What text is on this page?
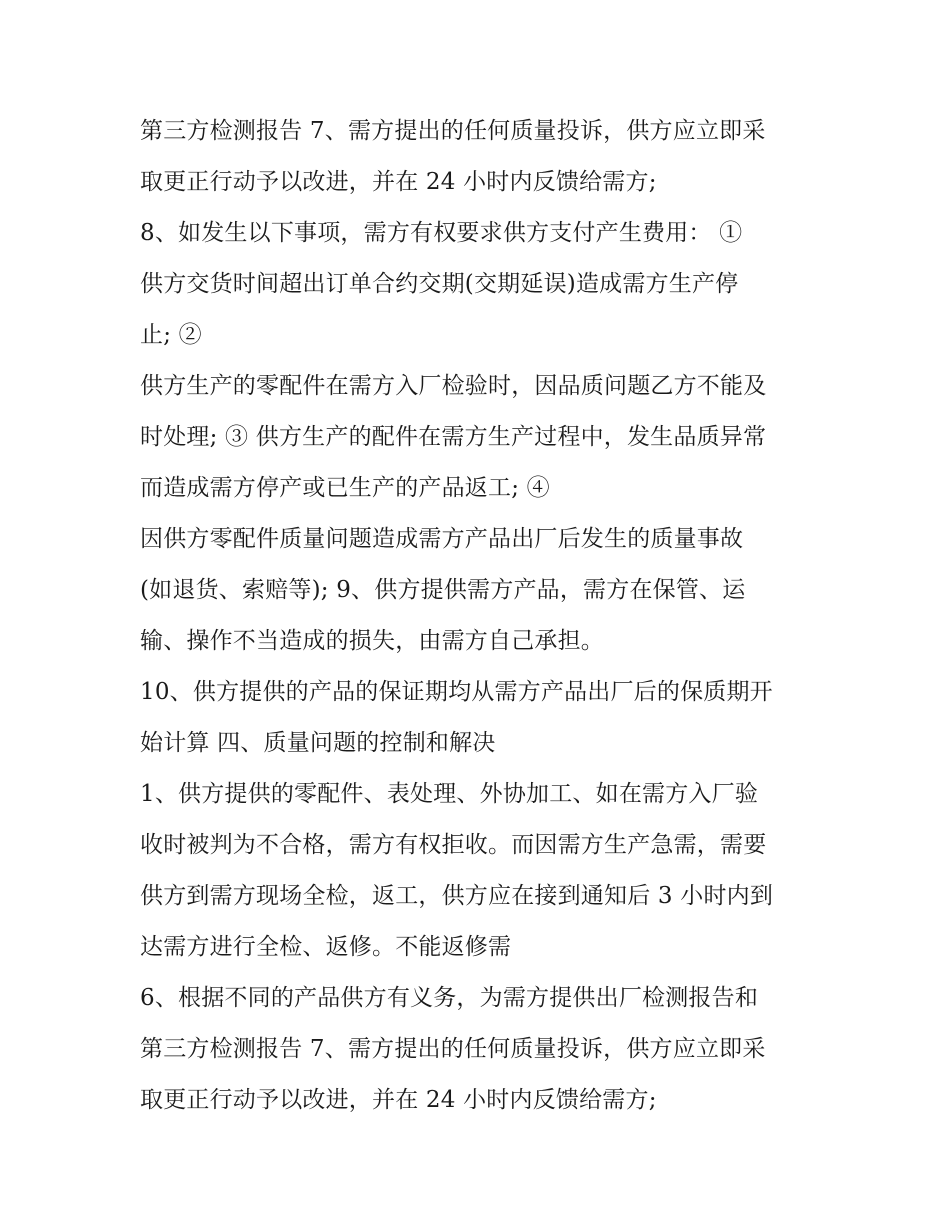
第三方检测报告 7、需方提出的任何质量投诉，供方应立即采
取更正行动予以改进，并在 24 小时内反馈给需方;
8、如发生以下事项，需方有权要求供方支付产生费用： ①
供方交货时间超出订单合约交期(交期延误)造成需方生产停
止; ②
供方生产的零配件在需方入厂检验时，因品质问题乙方不能及
时处理; ③ 供方生产的配件在需方生产过程中，发生品质异常
而造成需方停产或已生产的产品返工; ④
因供方零配件质量问题造成需方产品出厂后发生的质量事故
(如退货、索赔等); 9、供方提供需方产品，需方在保管、运
输、操作不当造成的损失，由需方自己承担。
10、供方提供的产品的保证期均从需方产品出厂后的保质期开
始计算 四、质量问题的控制和解决
1、供方提供的零配件、表处理、外协加工、如在需方入厂验
收时被判为不合格，需方有权拒收。而因需方生产急需，需要
供方到需方现场全检，返工，供方应在接到通知后 3 小时内到
达需方进行全检、返修。不能返修需
6、根据不同的产品供方有义务，为需方提供出厂检测报告和
第三方检测报告 7、需方提出的任何质量投诉，供方应立即采
取更正行动予以改进，并在 24 小时内反馈给需方;
